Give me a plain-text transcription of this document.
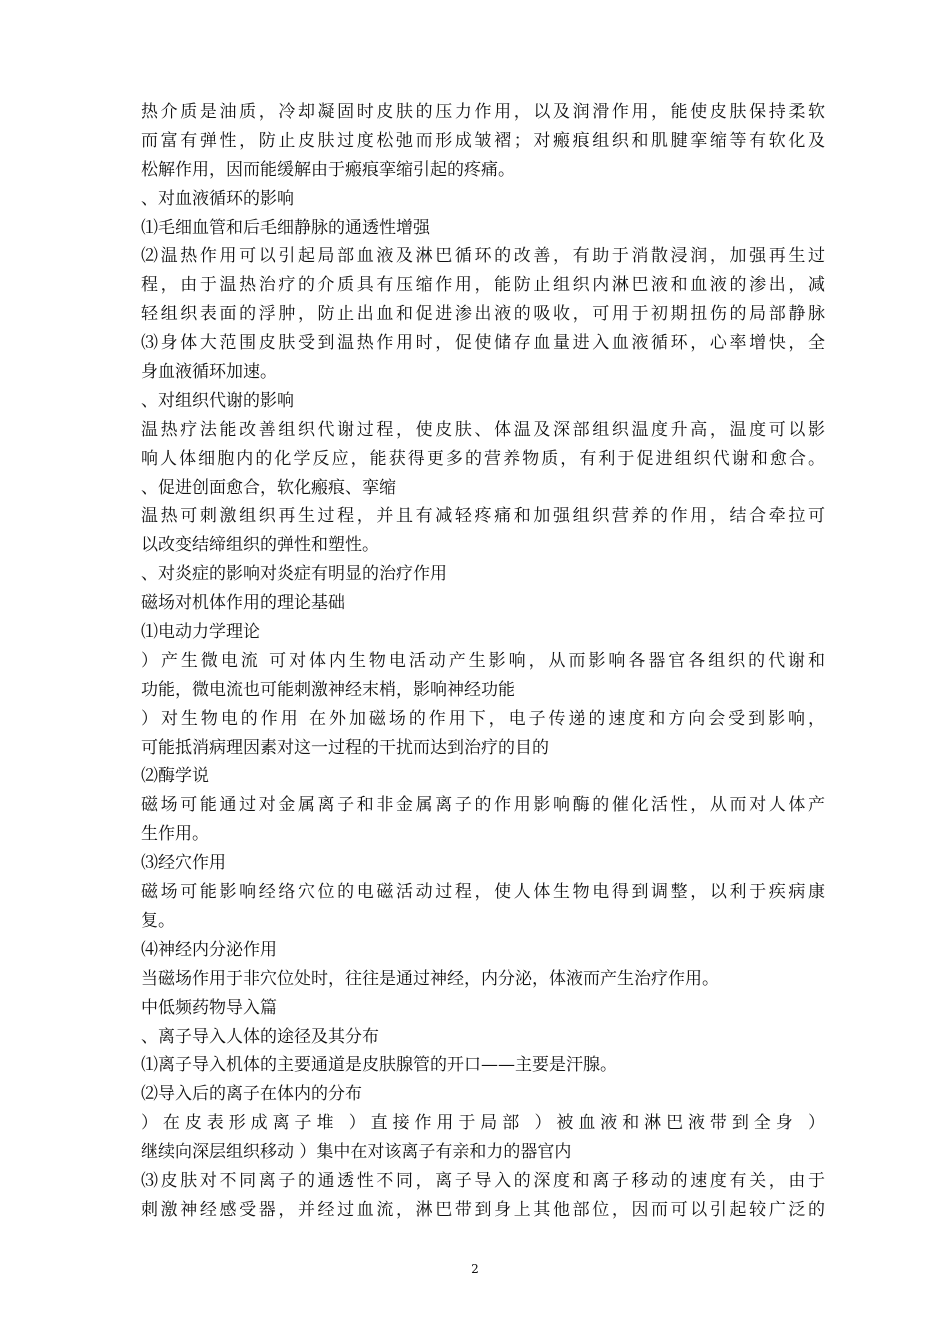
热介质是油质，冷却凝固时皮肤的压力作用，以及润滑作用，能使皮肤保持柔软
而富有弹性，防止皮肤过度松弛而形成皱褶；对瘢痕组织和肌腱挛缩等有软化及
松解作用，因而能缓解由于瘢痕挛缩引起的疼痛。
、对血液循环的影响
⑴毛细血管和后毛细静脉的通透性增强
⑵温热作用可以引起局部血液及淋巴循环的改善，有助于消散浸润，加强再生过
程，由于温热治疗的介质具有压缩作用，能防止组织内淋巴液和血液的渗出，减
轻组织表面的浮肿，防止出血和促进渗出液的吸收，可用于初期扭伤的局部静脉
⑶身体大范围皮肤受到温热作用时，促使储存血量进入血液循环，心率增快，全
身血液循环加速。
、对组织代谢的影响
温热疗法能改善组织代谢过程，使皮肤、体温及深部组织温度升高，温度可以影
响人体细胞内的化学反应，能获得更多的营养物质，有利于促进组织代谢和愈合。
、促进创面愈合，软化瘢痕、挛缩
温热可刺激组织再生过程，并且有减轻疼痛和加强组织营养的作用，结合牵拉可
以改变结缔组织的弹性和塑性。
、对炎症的影响对炎症有明显的治疗作用
磁场对机体作用的理论基础
⑴电动力学理论
）产生微电流 可对体内生物电活动产生影响，从而影响各器官各组织的代谢和
功能，微电流也可能刺激神经末梢，影响神经功能
）对生物电的作用 在外加磁场的作用下，电子传递的速度和方向会受到影响，
可能抵消病理因素对这一过程的干扰而达到治疗的目的
⑵酶学说
磁场可能通过对金属离子和非金属离子的作用影响酶的催化活性，从而对人体产
生作用。
⑶经穴作用
磁场可能影响经络穴位的电磁活动过程，使人体生物电得到调整，以利于疾病康
复。
⑷神经内分泌作用
当磁场作用于非穴位处时，往往是通过神经，内分泌，体液而产生治疗作用。
中低频药物导入篇
、离子导入人体的途径及其分布
⑴离子导入机体的主要通道是皮肤腺管的开口——主要是汗腺。
⑵导入后的离子在体内的分布
）在皮表形成离子堆 ）直接作用于局部 ）被血液和淋巴液带到全身 ）
继续向深层组织移动 ）集中在对该离子有亲和力的器官内
⑶皮肤对不同离子的通透性不同，离子导入的深度和离子移动的速度有关，由于
刺激神经感受器，并经过血流，淋巴带到身上其他部位，因而可以引起较广泛的
2
